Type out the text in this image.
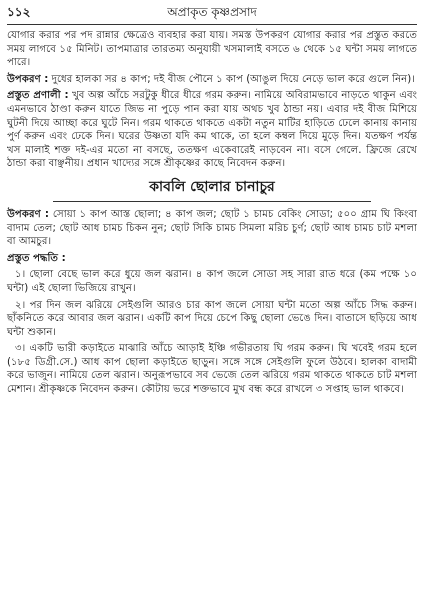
১১২	অপ্রাকৃত কৃষ্ণপ্রসাদ

যোগার করার পর পদ রান্নার ক্ষেত্রেও ব্যবহার করা যায়। সমস্ত উপকরণ যোগার করার পর প্রস্তুত করতে সময় লাগবে ১৫ মিনিট। তাপমাত্রার তারতম্য অনুযায়ী খসমালাই বসতে ৬ থেকে ১৫ ঘন্টা সময় লাগতে পারে।

উপকরণ : দুধের হালকা সর ৪ কাপ; দই বীজ পৌনে ১ কাপ (আঙুল দিয়ে নেড়ে ভাল করে গুলে নিন)।

প্রস্তুত প্রণালী : খুব অল্প আঁচে সরটুকু ধীরে ধীরে গরম করুন। নামিয়ে অবিরামভাবে নাড়তে থাকুন এবং এমনভাবে ঠাণ্ডা করুন যাতে জিভ না পুড়ে পান করা যায় অথচ খুব ঠান্ডা নয়। এবার দই বীজ মিশিয়ে ঘুটনী দিয়ে আচ্ছা করে ঘুটে নিন। গরম থাকতে থাকতে একটা নতুন মাটির হাড়িতে ঢেলে কানায় কানায় পুর্ণ করুন এবং ঢেকে দিন। ঘরের উষ্ণতা যদি কম থাকে, তা হলে কম্বল দিয়ে মুড়ে দিন। যতক্ষণ পর্যন্ত খস মালাই শক্ত দই-এর মতো না বসছে, ততক্ষণ একেবারেই নাড়বেন না। বসে গেলে. ফ্রিজে রেখে ঠান্ডা করা বাঞ্ছনীয়। প্রধান খাদ্যের সঙ্গে শ্রীকৃষ্ণের কাছে নিবেদন করুন।

কাবলি ছোলার চানাচুর

উপকরণ : সোয়া ১ কাপ আস্ত ছোলা; ৪ কাপ জল; ছোট ১ চামচ বেকিং সোডা; ৫০০ গ্রাম ঘি কিংবা বাদাম তেল; ছোট আধ চামচ চিকন নুন; ছোট সিকি চামচ সিমলা মরিচ চুর্ণ; ছোট আধ চামচ চাট মশলা বা আমচুর।

প্রস্তুত পদ্ধতি :

১। ছোলা বেছে ভাল করে ধুয়ে জল ঝরান। ৪ কাপ জলে সোডা সহ সারা রাত ধরে (কম পক্ষে ১০ ঘন্টা) এই ছোলা ভিজিয়ে রাখুন।

২। পর দিন জল ঝরিয়ে সেইগুলি আরও চার কাপ জলে সোয়া ঘন্টা মতো অল্প আঁচে সিদ্ধ করুন। ছাঁকনিতে করে আবার জল ঝরান। একটি কাপ দিয়ে চেপে কিছু ছোলা ভেঙে দিন। বাতাসে ছড়িয়ে আধ ঘন্টা শুকান।

৩। একটি ভারী কড়াইতে মাঝারি আঁচে আড়াই ইঞ্চি গভীরতায় ঘি গরম করুন। ঘি খবেই গরম হলে (১৮৫ ডিগ্রী.সে.) আধ কাপ ছোলা কড়াইতে ছাড়ুন। সঙ্গে সঙ্গে সেইগুলি ফুলে উঠবে। হালকা বাদামী করে ভাজুন। নামিয়ে তেল ঝরান। অনুরূপভাবে সব ভেজে তেল ঝরিয়ে গরম থাকতে থাকতে চাট মশলা মেশান। শ্রীকৃষ্ণকে নিবেদন করুন। কৌটায় ভরে শক্তভাবে মুখ বন্ধ করে রাখলে ৩ সপ্তাহ ভাল থাকবে।
